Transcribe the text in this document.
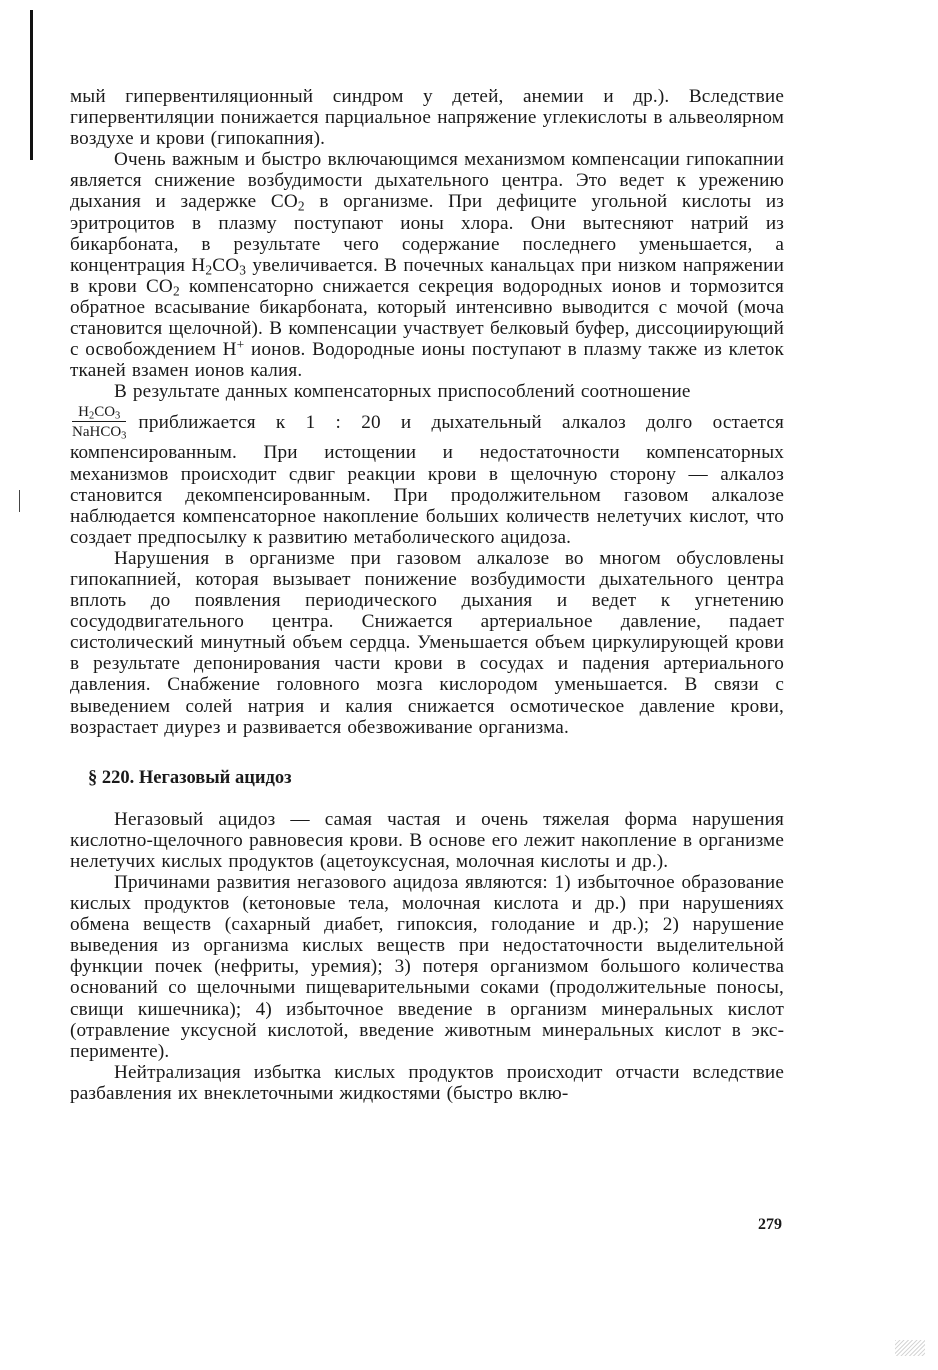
мый гипервентиляционный синдром у детей, анемии и др.). Вследствие гипервентиляции понижается парциальное напряжение углекислоты в альвеолярном воздухе и крови (гипокапния).

Очень важным и быстро включающимся механизмом компенсации гипокапнии является снижение возбудимости дыхательного центра. Это ведет к урежению дыхания и задержке $CO_2$ в организме. При дефиците угольной кислоты из эритроцитов в плазму поступают ионы хлора. Они вытесняют натрий из бикарбоната, в результате чего содержание последнего уменьшается, а концентрация $H_2CO_3$ увеличивается. В почечных канальцах при низком напряжении в крови $CO_2$ компенсаторно снижается секреция водородных ионов и тормозится обратное всасывание бикарбоната, который интенсивно выводится с мочой (моча становится щелочной). В компенсации участвует белковый буфер, диссоциирующий с освобождением H+ ионов. Водородные ионы поступают в плазму также из клеток тканей взамен ионов калия.

В результате данных компенсаторных приспособлений соотношение

$\frac{H_2CO_3}{NaHCO_3}$ приближается к 1 : 20 и дыхательный алкалоз долго остается

компенсированным. При истощении и недостаточности компенсаторных механизмов происходит сдвиг реакции крови в щелочную сторону — алкалоз становится декомпенсированным. При продолжительном газовом алкалозе наблюдается компенсаторное накопление больших количеств нелетучих кислот, что создает предпосылку к развитию метаболического ацидоза.

Нарушения в организме при газовом алкалозе во многом обусловлены гипокапнией, которая вызывает понижение возбудимости дыхательного центра вплоть до появления периодического дыхания и ведет к угнетению сосудодвигательного центра. Снижается артериальное давление, падает систолический минутный объем сердца. Уменьшается объем циркулирующей крови в результате депонирования части крови в сосудах и падения артериального давления. Снабжение головного мозга кислородом уменьшается. В связи с выведением солей натрия и калия снижается осмотическое давление крови, возрастает диурез и развивается обезвоживание организма.

§ 220. Негазовый ацидоз

Негазовый ацидоз — самая частая и очень тяжелая форма нарушения кислотно-щелочного равновесия крови. В основе его лежит накопление в организме нелетучих кислых продуктов (ацетоуксусная, молочная кислоты и др.).

Причинами развития негазового ацидоза являются: 1) избыточное образование кислых продуктов (кетоновые тела, молочная кислота и др.) при нарушениях обмена веществ (сахарный диабет, гипоксия, голодание и др.); 2) нарушение выведения из организма кислых веществ при недостаточности выделительной функции почек (нефриты, уремия); 3) потеря организмом большого количества оснований со щелочными пищеварительными соками (продолжительные поносы, свищи кишечника); 4) избыточное введение в организм минеральных кислот (отравление уксусной кислотой, введение животным минеральных кислот в эксперименте).

Нейтрализация избытка кислых продуктов происходит отчасти вследствие разбавления их внеклеточными жидкостями (быстро вклю-

279
